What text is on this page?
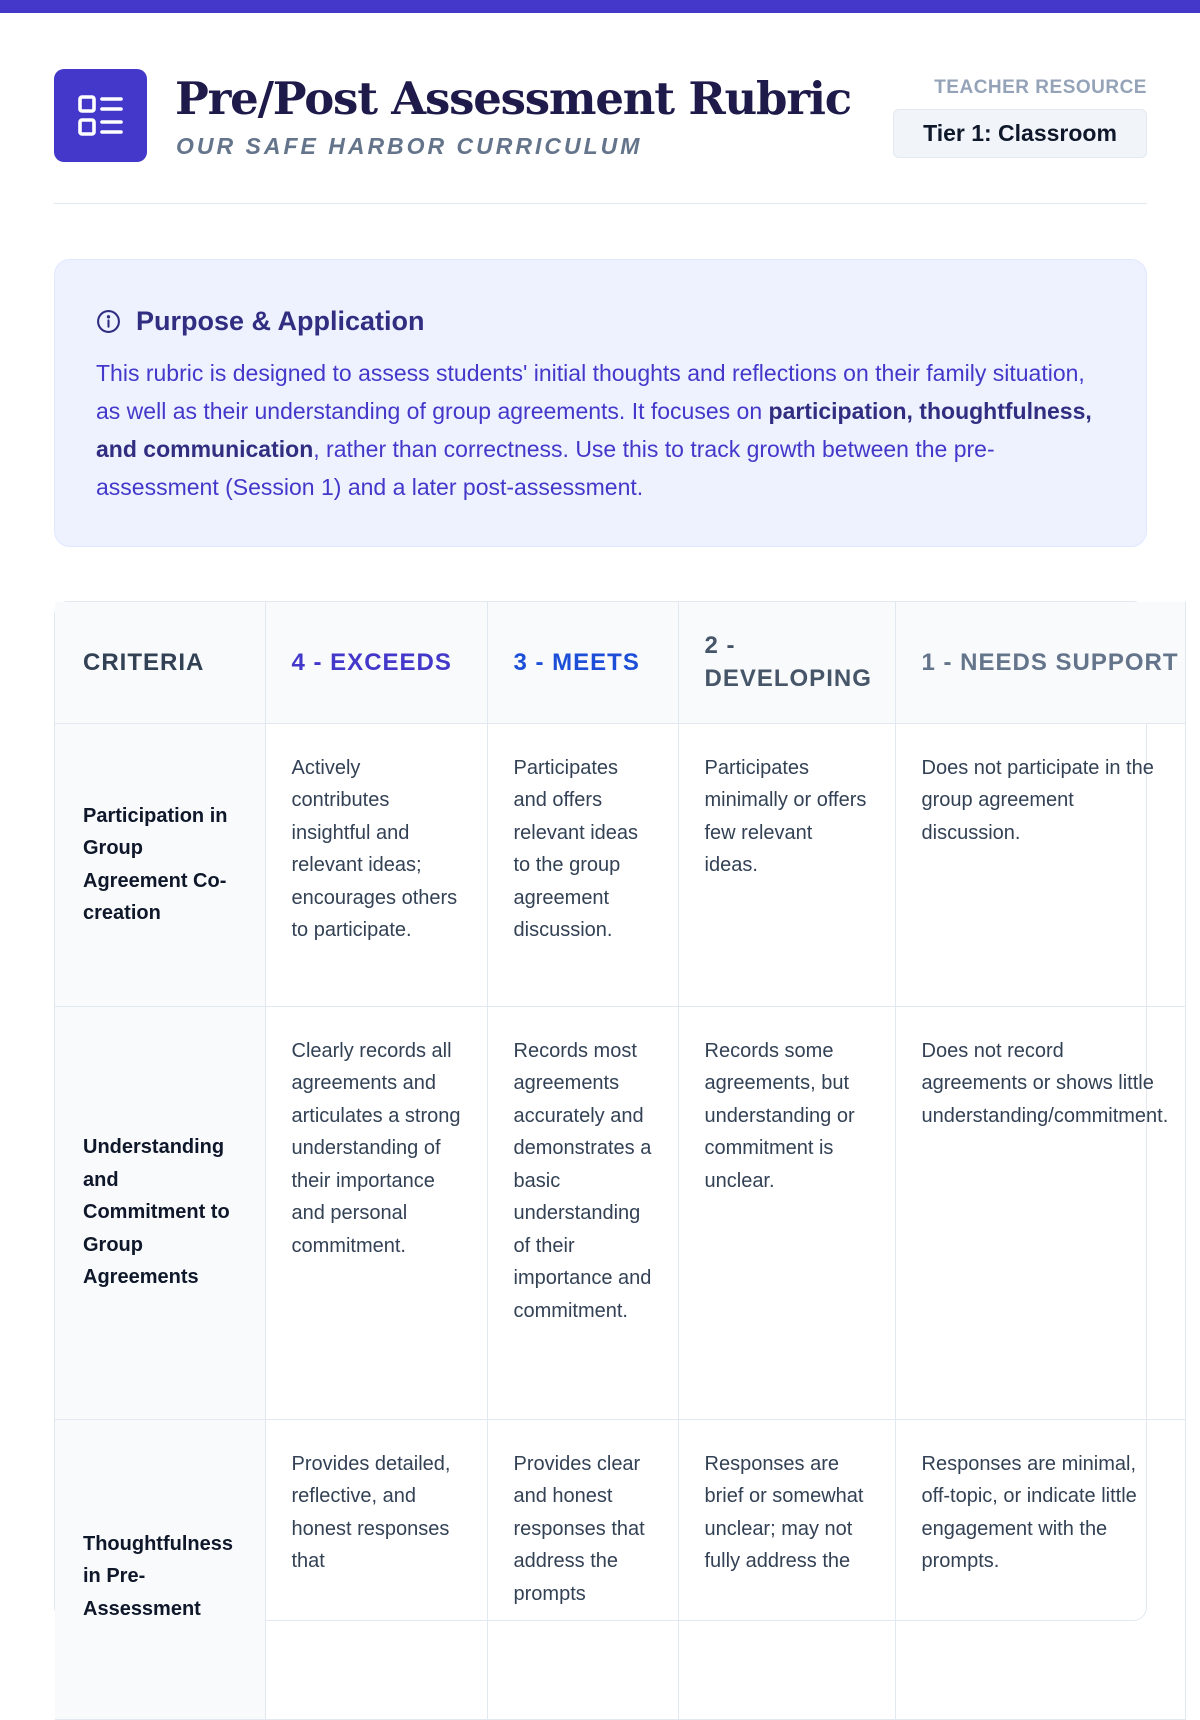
Pre/Post Assessment Rubric
OUR SAFE HARBOR CURRICULUM
TEACHER RESOURCE
Tier 1: Classroom
Purpose & Application

This rubric is designed to assess students' initial thoughts and reflections on their family situation, as well as their understanding of group agreements. It focuses on participation, thoughtfulness, and communication, rather than correctness. Use this to track growth between the pre-assessment (Session 1) and a later post-assessment.

CRITERIA	4 - EXCEEDS	3 - MEETS	2 - DEVELOPING	1 - NEEDS SUPPORT
Participation in Group Agreement Co-creation	Actively contributes insightful and relevant ideas; encourages others to participate.	Participates and offers relevant ideas to the group agreement discussion.	Participates minimally or offers few relevant ideas.	Does not participate in the group agreement discussion.
Understanding and Commitment to Group Agreements	Clearly records all agreements and articulates a strong understanding of their importance and personal commitment.	Records most agreements accurately and demonstrates a basic understanding of their importance and commitment.	Records some agreements, but understanding or commitment is unclear.	Does not record agreements or shows little understanding/commitment.
Thoughtfulness in Pre-Assessment	Provides detailed, reflective, and honest responses that	Provides clear and honest responses that address the prompts	Responses are brief or somewhat unclear; may not fully address the	Responses are minimal, off-topic, or indicate little engagement with the prompts.
